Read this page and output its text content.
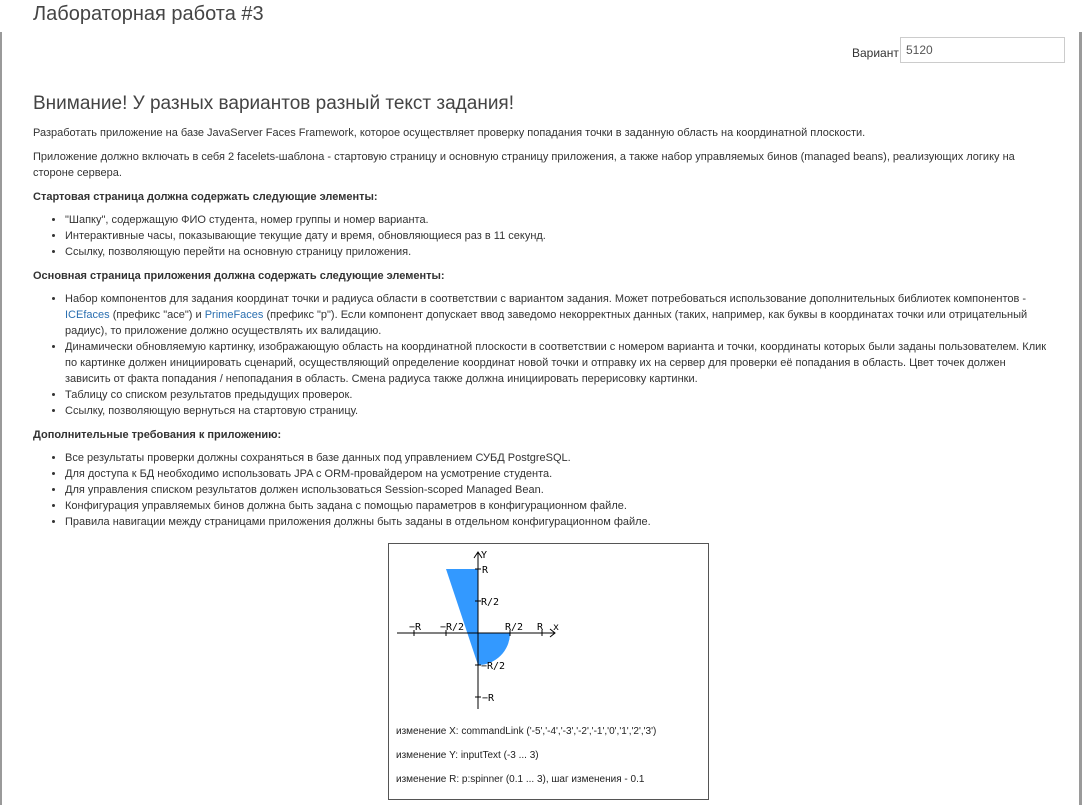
Лабораторная работа #3
Вариант
5120
Внимание! У разных вариантов разный текст задания!

Разработать приложение на базе JavaServer Faces Framework, которое осуществляет проверку попадания точки в заданную область на координатной плоскости.

Приложение должно включать в себя 2 facelets-шаблона - стартовую страницу и основную страницу приложения, а также набор управляемых бинов (managed beans), реализующих логику на стороне сервера.

Стартовая страница должна содержать следующие элементы:
• "Шапку", содержащую ФИО студента, номер группы и номер варианта.
• Интерактивные часы, показывающие текущие дату и время, обновляющиеся раз в 11 секунд.
• Ссылку, позволяющую перейти на основную страницу приложения.
Основная страница приложения должна содержать следующие элементы:
• Набор компонентов для задания координат точки и радиуса области в соответствии с вариантом задания. Может потребоваться использование дополнительных библиотек компонентов - ICEfaces (префикс "ace") и PrimeFaces (префикс "p"). Если компонент допускает ввод заведомо некорректных данных (таких, например, как буквы в координатах точки или отрицательный радиус), то приложение должно осуществлять их валидацию.
• Динамически обновляемую картинку, изображающую область на координатной плоскости в соответствии с номером варианта и точки, координаты которых были заданы пользователем. Клик по картинке должен инициировать сценарий, осуществляющий определение координат новой точки и отправку их на сервер для проверки её попадания в область. Цвет точек должен зависить от факта попадания / непопадания в область. Смена радиуса также должна инициировать перерисовку картинки.
• Таблицу со списком результатов предыдущих проверок.
• Ссылку, позволяющую вернуться на стартовую страницу.
Дополнительные требования к приложению:
• Все результаты проверки должны сохраняться в базе данных под управлением СУБД PostgreSQL.
• Для доступа к БД необходимо использовать JPA с ORM-провайдером на усмотрение студента.
• Для управления списком результатов должен использоваться Session-scoped Managed Bean.
• Конфигурация управляемых бинов должна быть задана с помощью параметров в конфигурационном файле.
• Правила навигации между страницами приложения должны быть заданы в отдельном конфигурационном файле.
Y
x
R
R/2
−R/2
−R
−R −R/2	R/2 R
изменение X: commandLink ('-5','-4','-3','-2','-1','0','1','2','3')
изменение Y: inputText (-3 ... 3)
изменение R: p:spinner (0.1 ... 3), шаг изменения - 0.1
